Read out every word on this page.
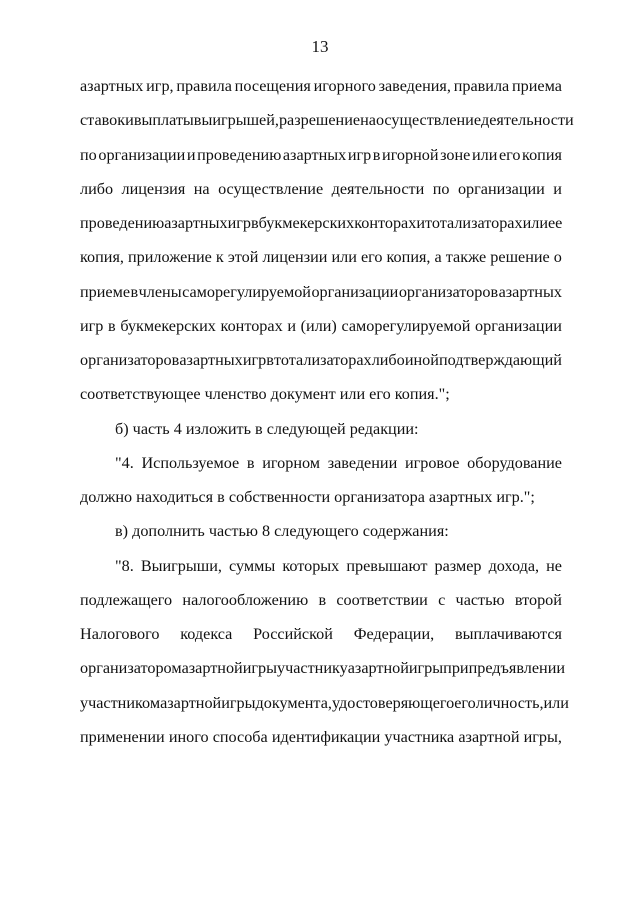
13
азартных игр, правила посещения игорного заведения, правила приема
ставок и выплаты выигрышей, разрешение на осуществление деятельности
по организации и проведению азартных игр в игорной зоне или его копия
либо лицензия на осуществление деятельности по организации и
проведению азартных игр в букмекерских конторах и тотализаторах или ее
копия, приложение к этой лицензии или его копия, а также решение о
приеме в члены саморегулируемой организации организаторов азартных
игр в букмекерских конторах и (или) саморегулируемой организации
организаторов азартных игр в тотализаторах либо иной подтверждающий
соответствующее членство документ или его копия.";
б) часть 4 изложить в следующей редакции:
"4. Используемое в игорном заведении игровое оборудование
должно находиться в собственности организатора азартных игр.";
в) дополнить частью 8 следующего содержания:
"8. Выигрыши, суммы которых превышают размер дохода, не
подлежащего налогообложению в соответствии с частью второй
Налогового кодекса Российской Федерации, выплачиваются
организатором азартной игры участнику азартной игры при предъявлении
участником азартной игры документа, удостоверяющего его личность, или
применении иного способа идентификации участника азартной игры,
